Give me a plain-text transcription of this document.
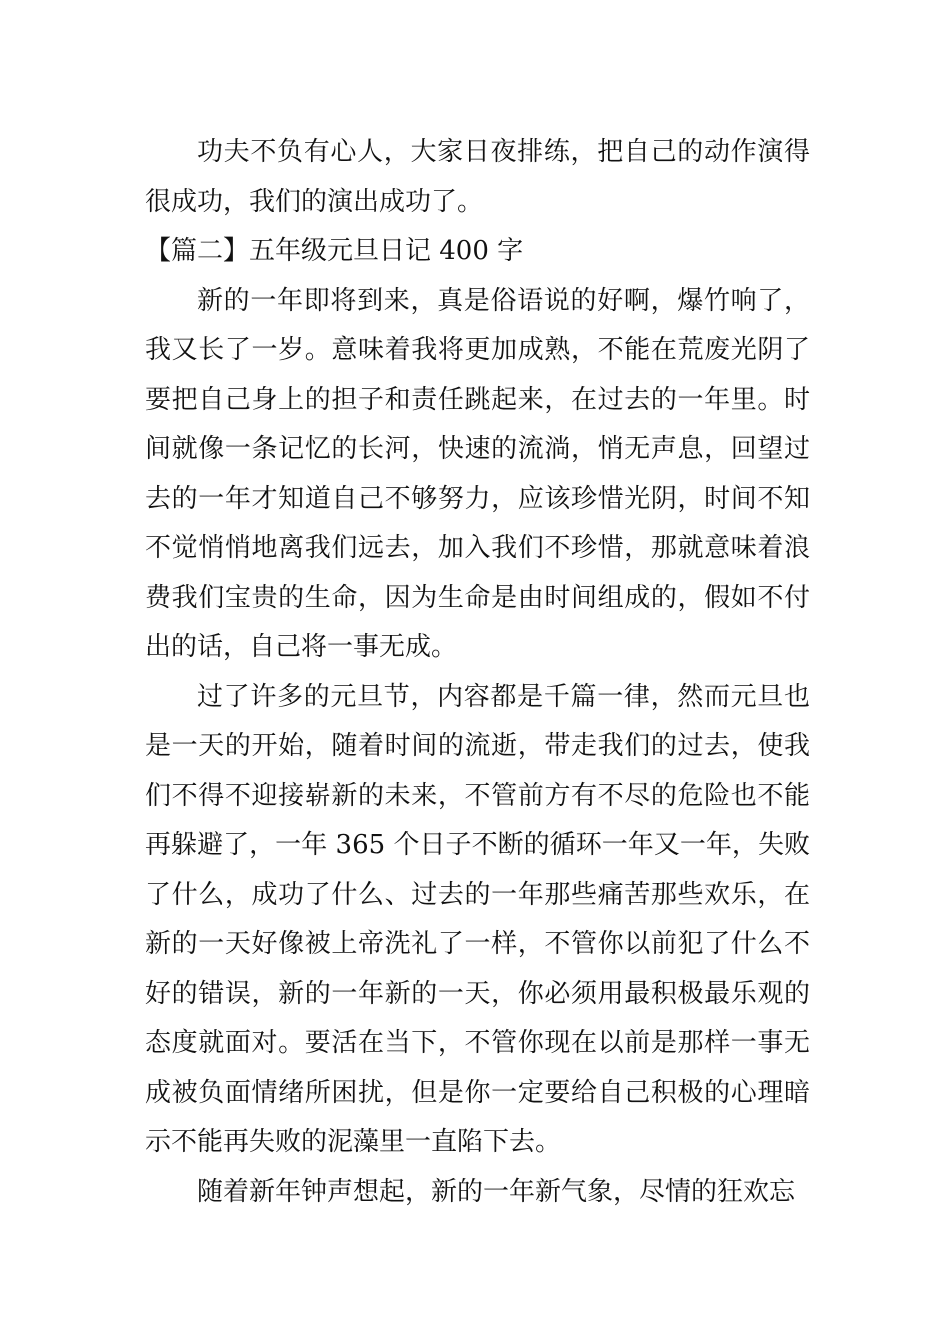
功夫不负有心人，大家日夜排练，把自己的动作演得很成功，我们的演出成功了。

【篇二】五年级元旦日记 400 字

新的一年即将到来，真是俗语说的好啊，爆竹响了，我又长了一岁。意味着我将更加成熟，不能在荒废光阴了要把自己身上的担子和责任跳起来，在过去的一年里。时间就像一条记忆的长河，快速的流淌，悄无声息，回望过去的一年才知道自己不够努力，应该珍惜光阴，时间不知不觉悄悄地离我们远去，加入我们不珍惜，那就意味着浪费我们宝贵的生命，因为生命是由时间组成的，假如不付出的话，自己将一事无成。

过了许多的元旦节，内容都是千篇一律，然而元旦也是一天的开始，随着时间的流逝，带走我们的过去，使我们不得不迎接崭新的未来，不管前方有不尽的危险也不能再躲避了，一年 365 个日子不断的循环一年又一年，失败了什么，成功了什么、过去的一年那些痛苦那些欢乐，在新的一天好像被上帝洗礼了一样，不管你以前犯了什么不好的错误，新的一年新的一天，你必须用最积极最乐观的态度就面对。要活在当下，不管你现在以前是那样一事无成被负面情绪所困扰，但是你一定要给自己积极的心理暗示不能再失败的泥藻里一直陷下去。

随着新年钟声想起，新的一年新气象，尽情的狂欢忘
